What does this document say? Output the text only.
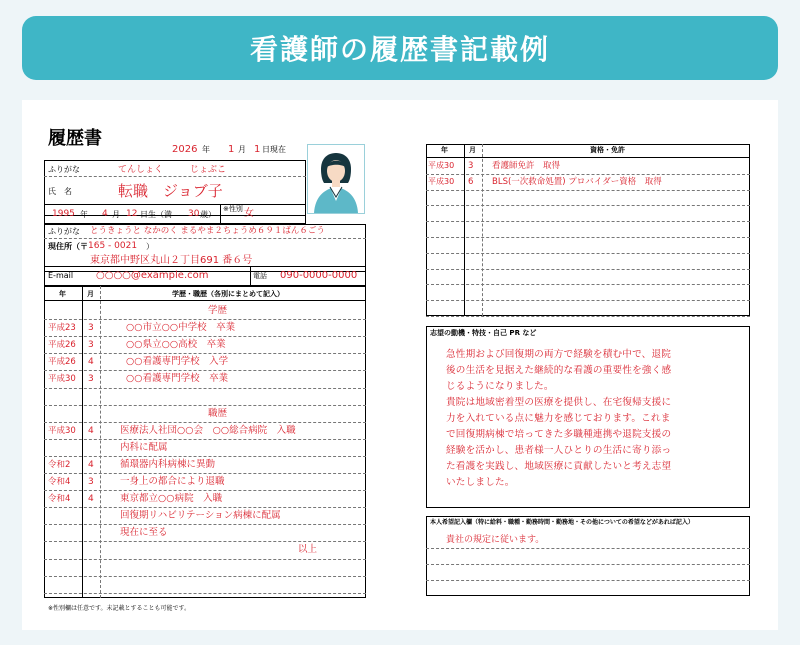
看護師の履歴書記載例
履歴書
2026 年 1 月 1 日現在
ふりがな	てんしょく	じょぶこ
氏　名	転職　ジョブ子
1995 年 4 月 12 日生（満 30 歳）
※性別 女
ふりがな とうきょうと なかのく まるやま２ちょうめ６９１ばん６ごう
現住所（〒 165 - 0021 ）
東京都中野区丸山２丁目691 番６号
E-mail ○○○○@example.com	電話 090-0000-0000
年	月	学歴・職歴（各別にまとめて記入）
学歴
平成23 3	○○市立○○中学校　卒業
平成26 3	○○県立○○高校　卒業
平成26 4	○○看護専門学校　入学
平成30 3	○○看護専門学校　卒業
職歴
平成30 4	医療法人社団○○会　○○総合病院　入職
内科に配属
令和2 4	循環器内科病棟に異動
令和4 3	一身上の都合により退職
令和4 4	東京都立○○病院　入職
回復期リハビリテーション病棟に配属
現在に至る
以上
※性別欄は任意です。未記載とすることも可能です。
年	月	資格・免許
平成30 3 看護師免許　取得
平成30 6 BLS(一次救命処置) プロバイダー資格　取得
志望の動機・特技・自己 PR など
急性期および回復期の両方で経験を積む中で、退院
後の生活を見据えた継続的な看護の重要性を強く感
じるようになりました。
貴院は地域密着型の医療を提供し、在宅復帰支援に
力を入れている点に魅力を感じております。これま
で回復期病棟で培ってきた多職種連携や退院支援の
経験を活かし、患者様一人ひとりの生活に寄り添っ
た看護を実践し、地域医療に貢献したいと考え志望
いたしました。
本人希望記入欄（特に給料・職種・勤務時間・勤務地・その他についての希望などがあれば記入）
貴社の規定に従います。
